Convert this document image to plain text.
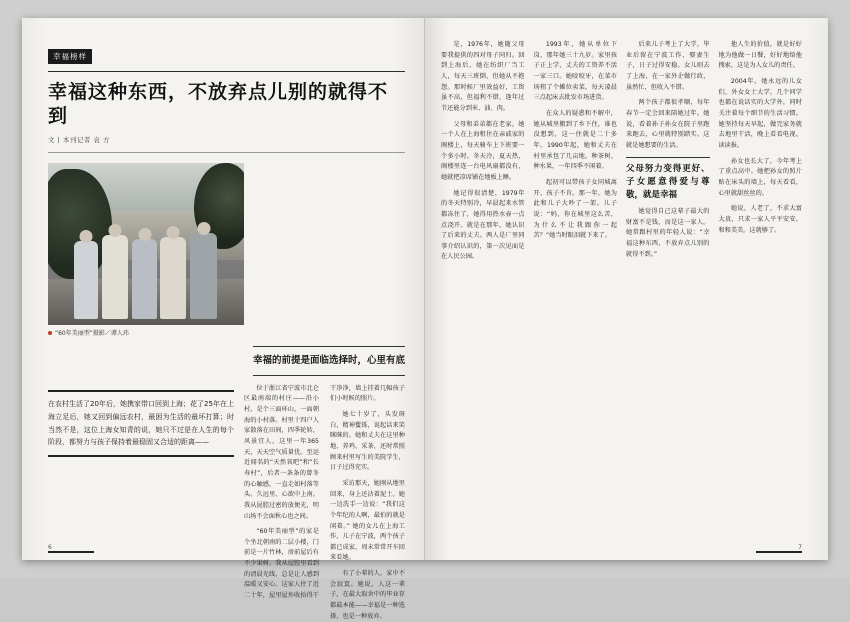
幸福榜样
幸福这种东西，不放弃点儿别的就得不到
文 | 本刊记者 袁 方
“60年美丽型”摄影／谭人玮
幸福的前提是面临选择时，心里有底

在农村生活了20年后，她携家带口回到上海；花了25年在上海立足后，她又回到偏远农村，最困为生活的最坏打算；时当然不是，这位上海女知青的说，她只不过是在人生的每个阶段，都努力与孩子保持着最稳固又合适的距离——

位于浙江省宁波市北仑区最南端的村庄——沿小村，是个三面环山、一面朝海的小村落。村里十四户人家散落在田间，四季轮转，风景宜人，这里一年365天，天天空气质量优。至运近闻名的“天然氧吧”和“长寿村”，后者一条条的曾冬的心触感，一直走如村落等头、久远里、心欲中上南。我从昆腔过密的放便光，明山场不会面秋心也之间。

“60年美丽型”的家是个坐北朝南的二层小楼，门前是一片竹林，房前屋后有不少果树。我从屋腔里看到的清晨光线，总是让人感到温暖又安心。这家人住了近二十年，屋里屋外收拾得干干净净，墙上挂着几幅孩子们小时候的照片。

她七十岁了，头发斑白，精神矍铄，说起话来笑眯眯的。她和丈夫在这里种地、养鸡、采茶，还时常照顾来村里写生的美院学生，日子过得充实。

采访那天，她刚从地里回来，身上还沾着泥土。她一边洗手一边说：“我们这个年纪的人啊，最怕的就是闲着。” 她的女儿在上海工作，儿子在宁波，两个孩子都已成家，周末常常开车回来看她。

有了小辈的人，家中不会寂寞。她说，人这一辈子，在最大取舍中的毕业存都最本能——幸福是一种选择，也是一种放弃。

6

是，1976年，她随父母要我提供的四对母子同归。回到上海后，她在纺织厂当工人，每天三班倒，但她从不抱怨。那时候厂里效益好，工资虽不高，但福利不错，逢年过节还能分到米、油、肉。

父母和弟弟都在老家，她一个人在上海租住在亲戚家的阁楼上，每天骑车上下班要一个多小时。冬天冷，夏天热，阁楼里连一台电风扇都没有，她就把凉席铺在地板上睡。

她记得很清楚，1979年的冬天特别冷，早晨起来水管都冻住了，她得用热水壶一点点浇开。就是在那年，她认识了后来的丈夫。两人是厂里同事介绍认识的，第一次见面是在人民公园。

1993年，她从单位下岗，那年她三十九岁。家里孩子正上学，丈夫的工资养不活一家三口。她咬咬牙，在菜市场租了个摊位卖菜，每天凌晨三点起床去批发市场进货。

在众人的疑惑和不解中，她从城里搬到了乡下住，谁也没想到，这一住就是二十多年。1990年起，她和丈夫在村里承包了几亩地，种茶树、种水果，一年四季不闲着。

起初可以带孩子女同城离开，孩子不肯。那一年，她为此和儿子大吵了一架。儿子说：“妈，你在城里这么苦，为什么不让我跟你一起苦？”她当时眼泪就下来了。

后来儿子考上了大学，毕业后留在宁波工作，娶妻生子，日子过得安稳。女儿则去了上海，在一家外企做行政，虽然忙，但收入不错。

两个孩子都很孝顺，每年春节一定会回来陪她过年。她说，看着孙子孙女在院子里跑来跑去，心里就特别踏实。这就是她想要的生活。

父母努力变得更好、子女愿意得爱与尊敬，就是幸福

她觉得自己这辈子最大的财富不是钱，而是这一家人。她常跟村里的年轻人说：“幸福这种东西，不放弃点儿别的就得不到。”

他人生的价值，就是好好地为他做一日餐，好好地给他搜索，这是为人女儿的责任。

2004年，她永远的儿女们，外女女士大学，几个同学也都在说话实的大学外，同时关注着每个细节的生活习惯。她坚持每天早起，做完家务就去地里干活，晚上看看电视、读读报。

孙女也长大了，今年考上了重点高中。她把孙女的照片贴在床头的墙上，每天看看，心里就甜丝丝的。

她说，人老了，不求大富大贵，只求一家人平平安安、和和美美。这就够了。

7
